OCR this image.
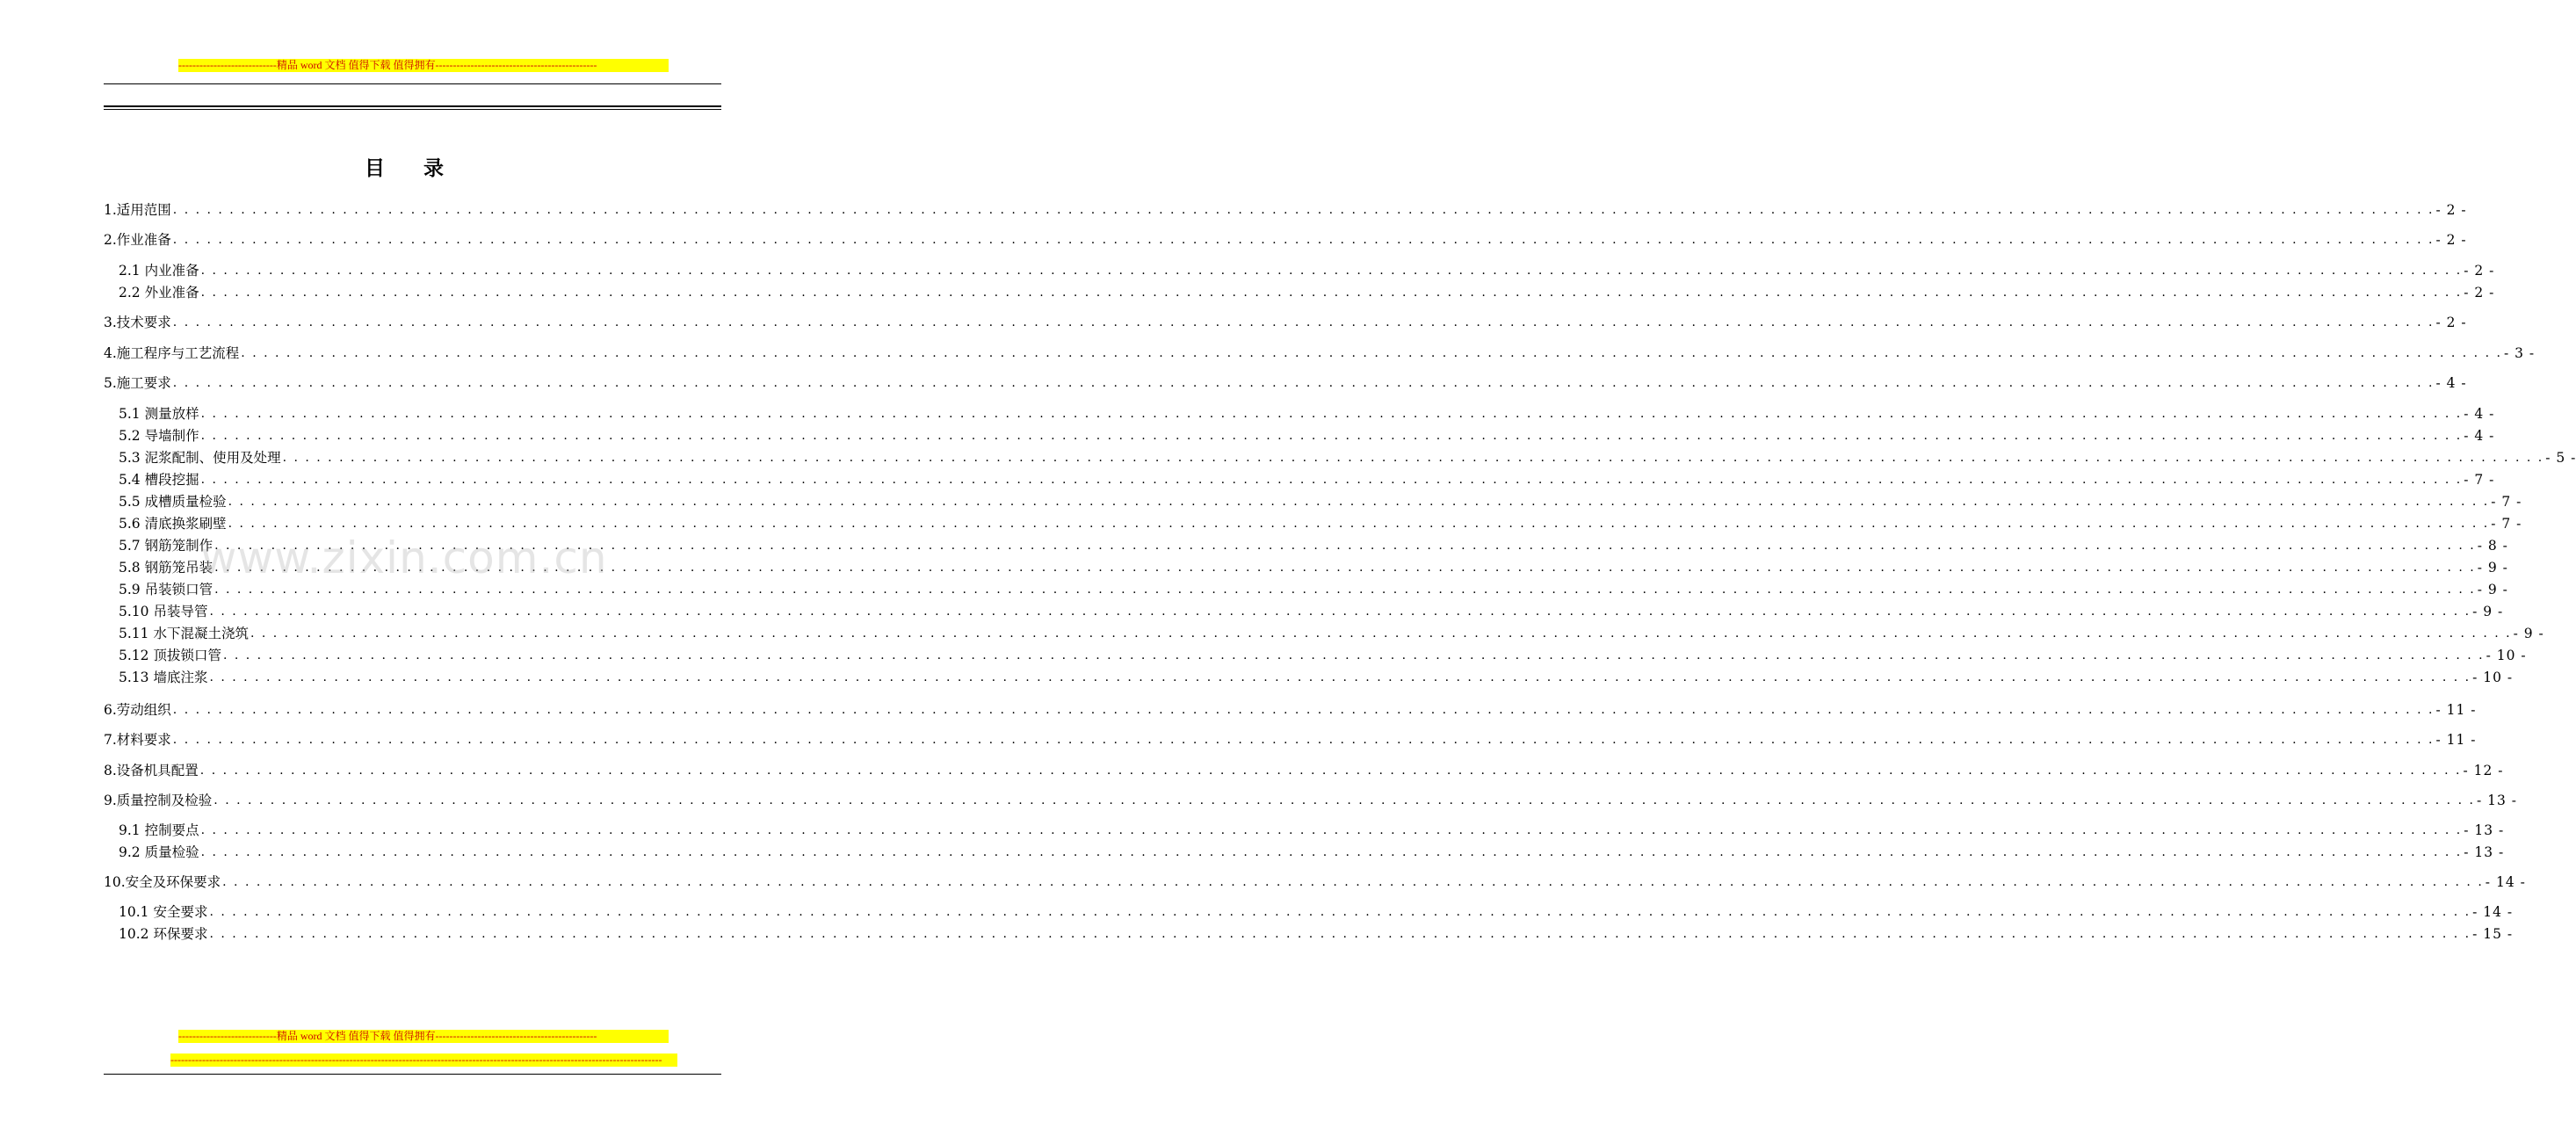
----------------------------精品 word 文档 值得下载 值得拥有----------------------------------------------
目录
1.适用范围 . . . . . . . . . . . . . . . . . . . . . . . . . . . . . . . . . . . . . . . . . . . . . . . . . . . . . . . . . . . . . . . . . . . . . . . . . . . . . . . . . . . . . . . . . . . . . . . . . . . . . . . . . . . . . . . . . . . . . . . . . . . . . . . . . . . . . . . . . . . . . . . . . . . . . . . . . . . . . . . . . . . . . . . . . . . . . . . . . . . . . . . . . . . . . . . . . . . . . . . . - 2 -
2.作业准备 . . . . . . . . . . . . . . . . . . . . . . . . . . . . . . . . . . . . . . . . . . . . . . . . . . . . . . . . . . . . . . . . . . . . . . . . . . . . . . . . . . . . . . . . . . . . . . . . . . . . . . . . . . . . . . . . . . . . . . . . . . . . . . . . . . . . . . . . . . . . . . . . . . . . . . . . . . . . . . . . . . . . . . . . . . . . . . . . . . . . . . . . . . . . . . . . . . . . . . . . - 2 -
2.1 内业准备 . . . . . . . . . . . . . . . . . . . . . . . . . . . . . . . . . . . . . . . . . . . . . . . . . . . . . . . . . . . . . . . . . . . . . . . . . . . . . . . . . . . . . . . . . . . . . . . . . . . . . . . . . . . . . . . . . . . . . . . . . . . . . . . . . . . . . . . . . . . . . . . . . . . . . . . . . . . . . . . . . . . . . . . . . . . . . . . . . . . . . . . . . . . . . . . . . . . . . . . . - 2 -
2.2 外业准备 . . . . . . . . . . . . . . . . . . . . . . . . . . . . . . . . . . . . . . . . . . . . . . . . . . . . . . . . . . . . . . . . . . . . . . . . . . . . . . . . . . . . . . . . . . . . . . . . . . . . . . . . . . . . . . . . . . . . . . . . . . . . . . . . . . . . . . . . . . . . . . . . . . . . . . . . . . . . . . . . . . . . . . . . . . . . . . . . . . . . . . . . . . . . . . . . . . . . . . . . - 2 -
3.技术要求 . . . . . . . . . . . . . . . . . . . . . . . . . . . . . . . . . . . . . . . . . . . . . . . . . . . . . . . . . . . . . . . . . . . . . . . . . . . . . . . . . . . . . . . . . . . . . . . . . . . . . . . . . . . . . . . . . . . . . . . . . . . . . . . . . . . . . . . . . . . . . . . . . . . . . . . . . . . . . . . . . . . . . . . . . . . . . . . . . . . . . . . . . . . . . . . . . . . . . . . . - 2 -
4.施工程序与工艺流程 . . . . . . . . . . . . . . . . . . . . . . . . . . . . . . . . . . . . . . . . . . . . . . . . . . . . . . . . . . . . . . . . . . . . . . . . . . . . . . . . . . . . . . . . . . . . . . . . . . . . . . . . . . . . . . . . . . . . . . . . . . . . . . . . . . . . . . . . . . . . . . . . . . . . . . . . . . . . . . . . . . . . . . . . . . . . . . . . . . . . . . . . . . . . . . . . . . . . . . . . - 3 -
5.施工要求 . . . . . . . . . . . . . . . . . . . . . . . . . . . . . . . . . . . . . . . . . . . . . . . . . . . . . . . . . . . . . . . . . . . . . . . . . . . . . . . . . . . . . . . . . . . . . . . . . . . . . . . . . . . . . . . . . . . . . . . . . . . . . . . . . . . . . . . . . . . . . . . . . . . . . . . . . . . . . . . . . . . . . . . . . . . . . . . . . . . . . . . . . . . . . . . . . . . . . . . . - 4 -
5.1 测量放样 . . . . . . . . . . . . . . . . . . . . . . . . . . . . . . . . . . . . . . . . . . . . . . . . . . . . . . . . . . . . . . . . . . . . . . . . . . . . . . . . . . . . . . . . . . . . . . . . . . . . . . . . . . . . . . . . . . . . . . . . . . . . . . . . . . . . . . . . . . . . . . . . . . . . . . . . . . . . . . . . . . . . . . . . . . . . . . . . . . . . . . . . . . . . . . . . . . . . . . . . - 4 -
5.2 导墙制作 . . . . . . . . . . . . . . . . . . . . . . . . . . . . . . . . . . . . . . . . . . . . . . . . . . . . . . . . . . . . . . . . . . . . . . . . . . . . . . . . . . . . . . . . . . . . . . . . . . . . . . . . . . . . . . . . . . . . . . . . . . . . . . . . . . . . . . . . . . . . . . . . . . . . . . . . . . . . . . . . . . . . . . . . . . . . . . . . . . . . . . . . . . . . . . . . . . . . . . . . - 4 -
5.3 泥浆配制、使用及处理 . . . . . . . . . . . . . . . . . . . . . . . . . . . . . . . . . . . . . . . . . . . . . . . . . . . . . . . . . . . . . . . . . . . . . . . . . . . . . . . . . . . . . . . . . . . . . . . . . . . . . . . . . . . . . . . . . . . . . . . . . . . . . . . . . . . . . . . . . . . . . . . . . . . . . . . . . . . . . . . . . . . . . . . . . . . . . . . . . . . . . . . . . . . . . . . . . . . . . . . . - 5 -
5.4 槽段挖掘 . . . . . . . . . . . . . . . . . . . . . . . . . . . . . . . . . . . . . . . . . . . . . . . . . . . . . . . . . . . . . . . . . . . . . . . . . . . . . . . . . . . . . . . . . . . . . . . . . . . . . . . . . . . . . . . . . . . . . . . . . . . . . . . . . . . . . . . . . . . . . . . . . . . . . . . . . . . . . . . . . . . . . . . . . . . . . . . . . . . . . . . . . . . . . . . . . . . . . . . . - 7 -
5.5 成槽质量检验 . . . . . . . . . . . . . . . . . . . . . . . . . . . . . . . . . . . . . . . . . . . . . . . . . . . . . . . . . . . . . . . . . . . . . . . . . . . . . . . . . . . . . . . . . . . . . . . . . . . . . . . . . . . . . . . . . . . . . . . . . . . . . . . . . . . . . . . . . . . . . . . . . . . . . . . . . . . . . . . . . . . . . . . . . . . . . . . . . . . . . . . . . . . . . . . . . . . . . . . . - 7 -
5.6 清底换浆刷壁 . . . . . . . . . . . . . . . . . . . . . . . . . . . . . . . . . . . . . . . . . . . . . . . . . . . . . . . . . . . . . . . . . . . . . . . . . . . . . . . . . . . . . . . . . . . . . . . . . . . . . . . . . . . . . . . . . . . . . . . . . . . . . . . . . . . . . . . . . . . . . . . . . . . . . . . . . . . . . . . . . . . . . . . . . . . . . . . . . . . . . . . . . . . . . . . . . . . . . . . . - 7 -
5.7 钢筋笼制作 . . . . . . . . . . . . . . . . . . . . . . . . . . . . . . . . . . . . . . . . . . . . . . . . . . . . . . . . . . . . . . . . . . . . . . . . . . . . . . . . . . . . . . . . . . . . . . . . . . . . . . . . . . . . . . . . . . . . . . . . . . . . . . . . . . . . . . . . . . . . . . . . . . . . . . . . . . . . . . . . . . . . . . . . . . . . . . . . . . . . . . . . . . . . . . . . . . . . . . . . - 8 -
5.8 钢筋笼吊装 . . . . . . . . . . . . . . . . . . . . . . . . . . . . . . . . . . . . . . . . . . . . . . . . . . . . . . . . . . . . . . . . . . . . . . . . . . . . . . . . . . . . . . . . . . . . . . . . . . . . . . . . . . . . . . . . . . . . . . . . . . . . . . . . . . . . . . . . . . . . . . . . . . . . . . . . . . . . . . . . . . . . . . . . . . . . . . . . . . . . . . . . . . . . . . . . . . . . . . . . - 9 -
5.9 吊装锁口管 . . . . . . . . . . . . . . . . . . . . . . . . . . . . . . . . . . . . . . . . . . . . . . . . . . . . . . . . . . . . . . . . . . . . . . . . . . . . . . . . . . . . . . . . . . . . . . . . . . . . . . . . . . . . . . . . . . . . . . . . . . . . . . . . . . . . . . . . . . . . . . . . . . . . . . . . . . . . . . . . . . . . . . . . . . . . . . . . . . . . . . . . . . . . . . . . . . . . . . . . - 9 -
5.10 吊装导管 . . . . . . . . . . . . . . . . . . . . . . . . . . . . . . . . . . . . . . . . . . . . . . . . . . . . . . . . . . . . . . . . . . . . . . . . . . . . . . . . . . . . . . . . . . . . . . . . . . . . . . . . . . . . . . . . . . . . . . . . . . . . . . . . . . . . . . . . . . . . . . . . . . . . . . . . . . . . . . . . . . . . . . . . . . . . . . . . . . . . . . . . . . . . . . . . . . . . . . . . - 9 -
5.11 水下混凝土浇筑 . . . . . . . . . . . . . . . . . . . . . . . . . . . . . . . . . . . . . . . . . . . . . . . . . . . . . . . . . . . . . . . . . . . . . . . . . . . . . . . . . . . . . . . . . . . . . . . . . . . . . . . . . . . . . . . . . . . . . . . . . . . . . . . . . . . . . . . . . . . . . . . . . . . . . . . . . . . . . . . . . . . . . . . . . . . . . . . . . . . . . . . . . . . . . . . . . . . . . . . . - 9 -
5.12 顶拔锁口管 . . . . . . . . . . . . . . . . . . . . . . . . . . . . . . . . . . . . . . . . . . . . . . . . . . . . . . . . . . . . . . . . . . . . . . . . . . . . . . . . . . . . . . . . . . . . . . . . . . . . . . . . . . . . . . . . . . . . . . . . . . . . . . . . . . . . . . . . . . . . . . . . . . . . . . . . . . . . . . . . . . . . . . . . . . . . . . . . . . . . . . . . . . . . . . . . . . . . . . . . - 10 -
5.13 墙底注浆 . . . . . . . . . . . . . . . . . . . . . . . . . . . . . . . . . . . . . . . . . . . . . . . . . . . . . . . . . . . . . . . . . . . . . . . . . . . . . . . . . . . . . . . . . . . . . . . . . . . . . . . . . . . . . . . . . . . . . . . . . . . . . . . . . . . . . . . . . . . . . . . . . . . . . . . . . . . . . . . . . . . . . . . . . . . . . . . . . . . . . . . . . . . . . . . . . . . . . . . . - 10 -
6.劳动组织 . . . . . . . . . . . . . . . . . . . . . . . . . . . . . . . . . . . . . . . . . . . . . . . . . . . . . . . . . . . . . . . . . . . . . . . . . . . . . . . . . . . . . . . . . . . . . . . . . . . . . . . . . . . . . . . . . . . . . . . . . . . . . . . . . . . . . . . . . . . . . . . . . . . . . . . . . . . . . . . . . . . . . . . . . . . . . . . . . . . . . . . . . . . . . . . . . . . . . . . . - 11 -
7.材料要求 . . . . . . . . . . . . . . . . . . . . . . . . . . . . . . . . . . . . . . . . . . . . . . . . . . . . . . . . . . . . . . . . . . . . . . . . . . . . . . . . . . . . . . . . . . . . . . . . . . . . . . . . . . . . . . . . . . . . . . . . . . . . . . . . . . . . . . . . . . . . . . . . . . . . . . . . . . . . . . . . . . . . . . . . . . . . . . . . . . . . . . . . . . . . . . . . . . . . . . . . - 11 -
8.设备机具配置 . . . . . . . . . . . . . . . . . . . . . . . . . . . . . . . . . . . . . . . . . . . . . . . . . . . . . . . . . . . . . . . . . . . . . . . . . . . . . . . . . . . . . . . . . . . . . . . . . . . . . . . . . . . . . . . . . . . . . . . . . . . . . . . . . . . . . . . . . . . . . . . . . . . . . . . . . . . . . . . . . . . . . . . . . . . . . . . . . . . . . . . . . . . . . . . . . . . . . . . . - 12 -
9.质量控制及检验 . . . . . . . . . . . . . . . . . . . . . . . . . . . . . . . . . . . . . . . . . . . . . . . . . . . . . . . . . . . . . . . . . . . . . . . . . . . . . . . . . . . . . . . . . . . . . . . . . . . . . . . . . . . . . . . . . . . . . . . . . . . . . . . . . . . . . . . . . . . . . . . . . . . . . . . . . . . . . . . . . . . . . . . . . . . . . . . . . . . . . . . . . . . . . . . . . . . . . . . . - 13 -
9.1 控制要点 . . . . . . . . . . . . . . . . . . . . . . . . . . . . . . . . . . . . . . . . . . . . . . . . . . . . . . . . . . . . . . . . . . . . . . . . . . . . . . . . . . . . . . . . . . . . . . . . . . . . . . . . . . . . . . . . . . . . . . . . . . . . . . . . . . . . . . . . . . . . . . . . . . . . . . . . . . . . . . . . . . . . . . . . . . . . . . . . . . . . . . . . . . . . . . . . . . . . . . . . - 13 -
9.2 质量检验 . . . . . . . . . . . . . . . . . . . . . . . . . . . . . . . . . . . . . . . . . . . . . . . . . . . . . . . . . . . . . . . . . . . . . . . . . . . . . . . . . . . . . . . . . . . . . . . . . . . . . . . . . . . . . . . . . . . . . . . . . . . . . . . . . . . . . . . . . . . . . . . . . . . . . . . . . . . . . . . . . . . . . . . . . . . . . . . . . . . . . . . . . . . . . . . . . . . . . . . . - 13 -
10.安全及环保要求 . . . . . . . . . . . . . . . . . . . . . . . . . . . . . . . . . . . . . . . . . . . . . . . . . . . . . . . . . . . . . . . . . . . . . . . . . . . . . . . . . . . . . . . . . . . . . . . . . . . . . . . . . . . . . . . . . . . . . . . . . . . . . . . . . . . . . . . . . . . . . . . . . . . . . . . . . . . . . . . . . . . . . . . . . . . . . . . . . . . . . . . . . . . . . . . . . . . . . . . . - 14 -
10.1 安全要求 . . . . . . . . . . . . . . . . . . . . . . . . . . . . . . . . . . . . . . . . . . . . . . . . . . . . . . . . . . . . . . . . . . . . . . . . . . . . . . . . . . . . . . . . . . . . . . . . . . . . . . . . . . . . . . . . . . . . . . . . . . . . . . . . . . . . . . . . . . . . . . . . . . . . . . . . . . . . . . . . . . . . . . . . . . . . . . . . . . . . . . . . . . . . . . . . . . . . . . . . - 14 -
10.2 环保要求 . . . . . . . . . . . . . . . . . . . . . . . . . . . . . . . . . . . . . . . . . . . . . . . . . . . . . . . . . . . . . . . . . . . . . . . . . . . . . . . . . . . . . . . . . . . . . . . . . . . . . . . . . . . . . . . . . . . . . . . . . . . . . . . . . . . . . . . . . . . . . . . . . . . . . . . . . . . . . . . . . . . . . . . . . . . . . . . . . . . . . . . . . . . . . . . . . . . . . . . . - 15 -
www.zixin.com.cn
----------------------------精品 word 文档 值得下载 值得拥有----------------------------------------------
--------------------------------------------------------------------------------------------------------------------------------------------
